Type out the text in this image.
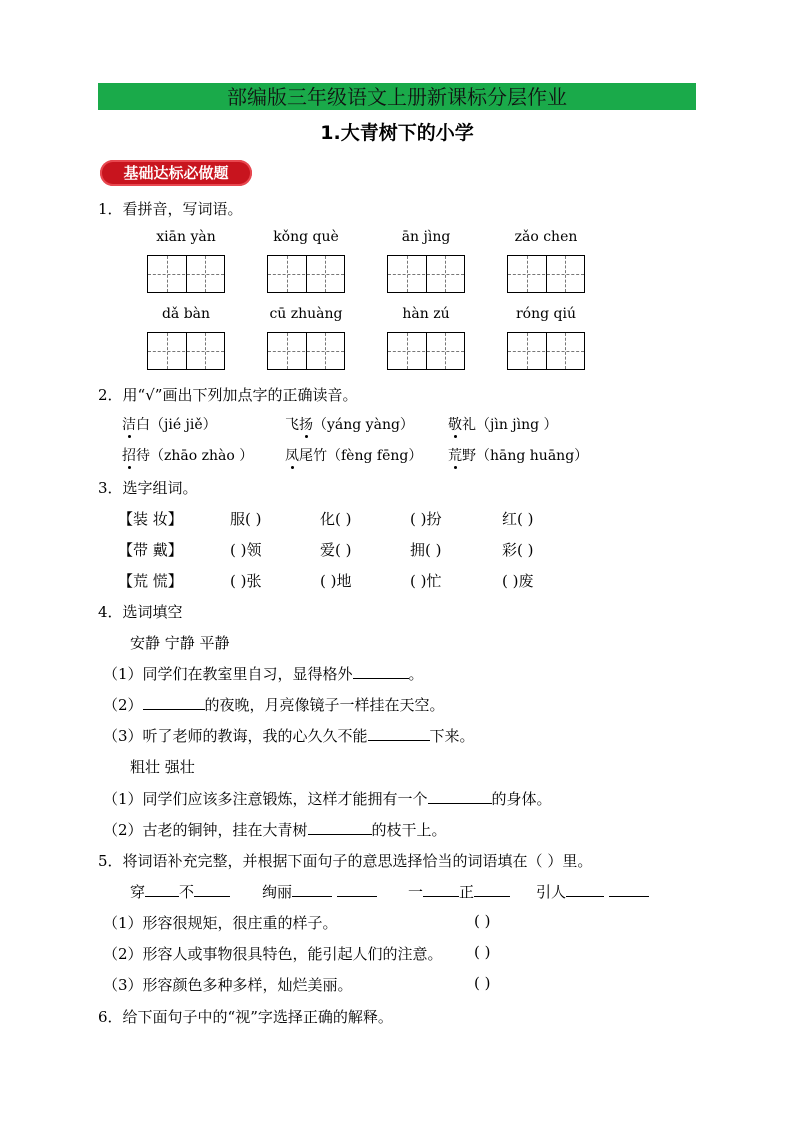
部编版三年级语文上册新课标分层作业
1.大青树下的小学
基础达标必做题
1．看拼音，写词语。
xiān yàn	kǒng què	ān jìng	zǎo chen
dǎ bàn	cū zhuàng	hàn zú	róng qiú
2．用“√”画出下列加点字的正确读音。
洁白（jié jiě）	飞扬（yáng yàng） 敬礼（jìn jìng ）
招待（zhāo zhào ） 凤尾竹（fèng fēng） 荒野（hāng huāng）
3．选字组词。
【装 妆】	服( )	化( )	( )扮	红( )
【带 戴】	( )领	爱( )	拥( )	彩( )
【荒 慌】	( )张	( )地	( )忙	( )废
4．选词填空
安静 宁静 平静
（1）同学们在教室里自习，显得格外	。
（2）	的夜晚，月亮像镜子一样挂在天空。
（3）听了老师的教诲，我的心久久不能	下来。
粗壮 强壮
（1）同学们应该多注意锻炼，这样才能拥有一个	的身体。
（2）古老的铜钟，挂在大青树	的枝干上。
5．将词语补充完整，并根据下面句子的意思选择恰当的词语填在（ ）里。
穿 不	绚丽	一 正	引人
（1）形容很规矩，很庄重的样子。	( )
（2）形容人或事物很具特色，能引起人们的注意。 ( )
（3）形容颜色多种多样，灿烂美丽。	( )
6．给下面句子中的“视”字选择正确的解释。
